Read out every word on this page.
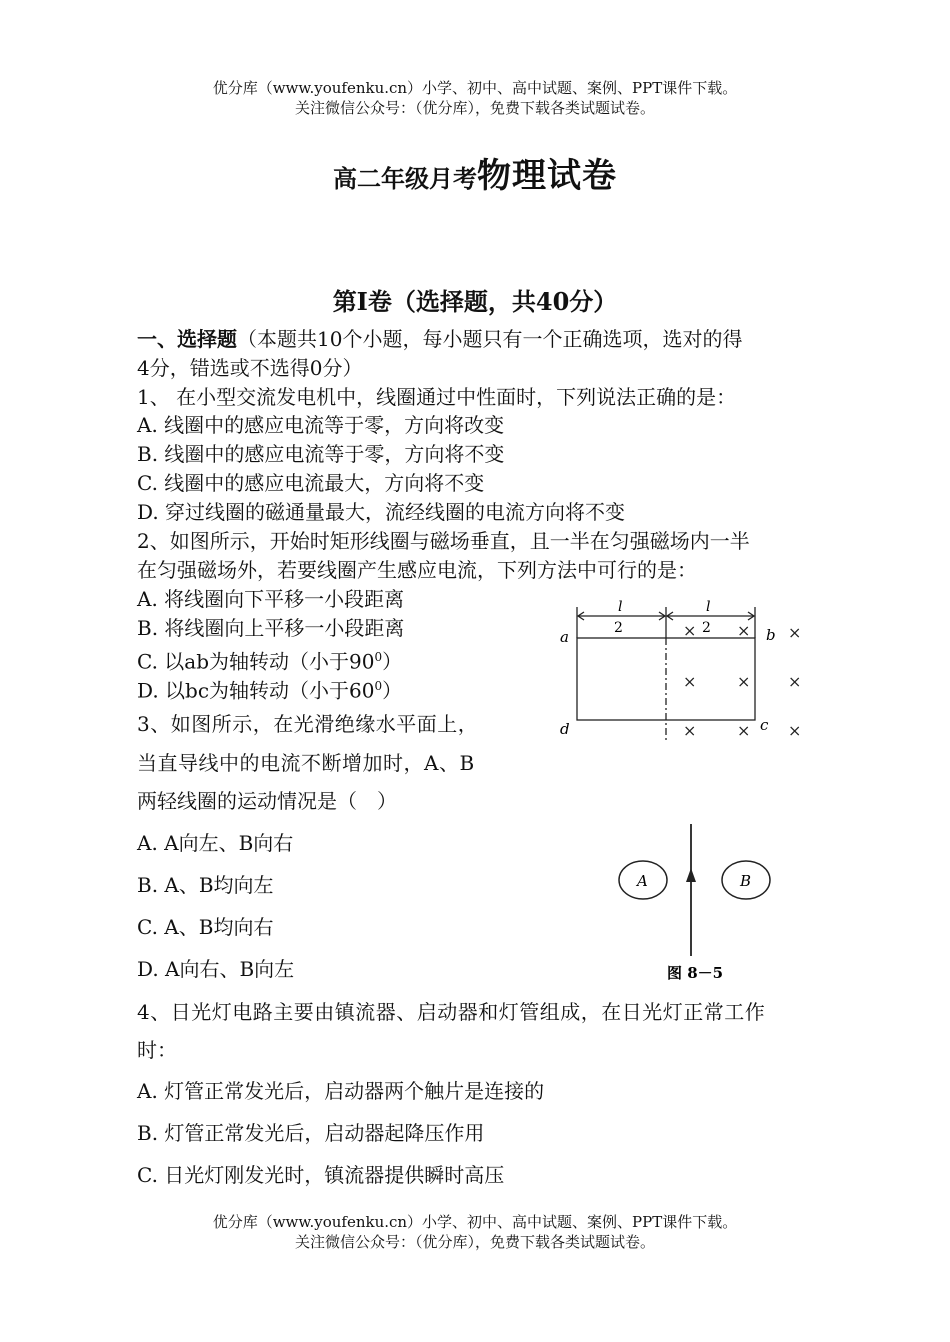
优分库（www.youfenku.cn）小学、初中、高中试题、案例、PPT课件下载。
关注微信公众号：（优分库），免费下载各类试题试卷。
高二年级月考物理试卷
第Ⅰ卷（选择题，共40分）
一、选择题（本题共10个小题，每小题只有一个正确选项，选对的得
4分，错选或不选得0分）
1、 在小型交流发电机中，线圈通过中性面时，下列说法正确的是：
A. 线圈中的感应电流等于零，方向将改变
B. 线圈中的感应电流等于零，方向将不变
C. 线圈中的感应电流最大，方向将不变
D. 穿过线圈的磁通量最大，流经线圈的电流方向将不变
2、如图所示，开始时矩形线圈与磁场垂直，且一半在匀强磁场内一半
在匀强磁场外，若要线圈产生感应电流，下列方法中可行的是：
A. 将线圈向下平移一小段距离
B. 将线圈向上平移一小段距离
C. 以ab为轴转动（小于$90^0$）
D. 以bc为轴转动（小于$60^0$）
l
2
l
2
a	b
c
d
×	× ×
×	× ×
×	× ×
3、如图所示，在光滑绝缘水平面上，
当直导线中的电流不断增加时，A、B
两轻线圈的运动情况是（　）
A. A向左、B向右
B. A、B均向左
C. A、B均向右
D. A向右、B向左
A	B
图 8－5
4、日光灯电路主要由镇流器、启动器和灯管组成，在日光灯正常工作
时：
A. 灯管正常发光后，启动器两个触片是连接的
B. 灯管正常发光后，启动器起降压作用
C. 日光灯刚发光时，镇流器提供瞬时高压
优分库（www.youfenku.cn）小学、初中、高中试题、案例、PPT课件下载。
关注微信公众号：（优分库），免费下载各类试题试卷。
